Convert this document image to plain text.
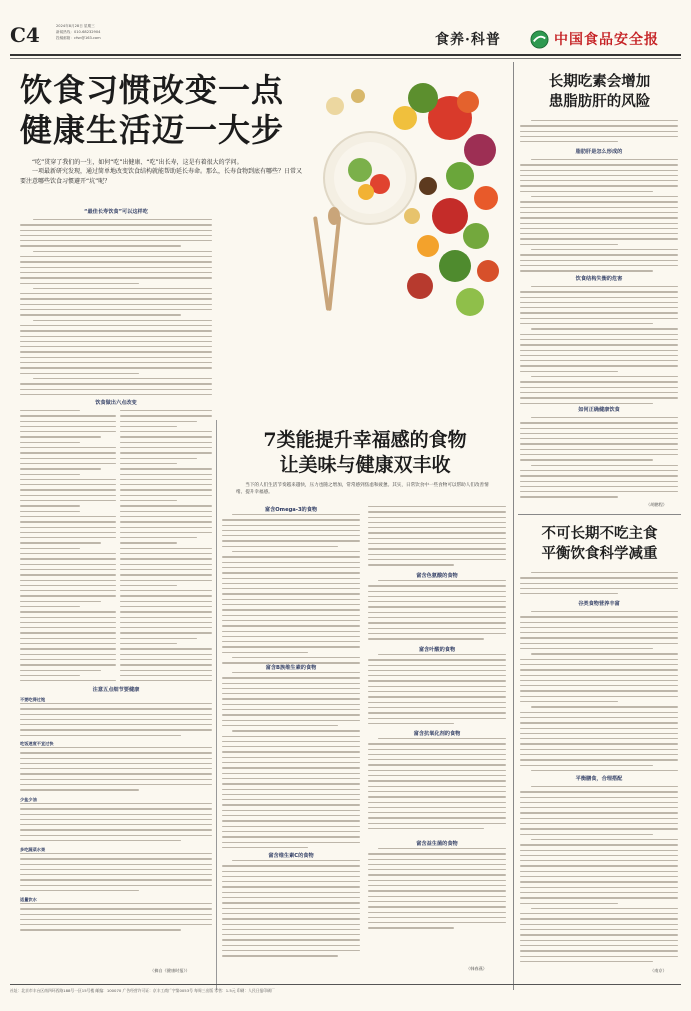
C4	2024年8月28日 星期三
新闻热线：010-68232904
投稿邮箱：cfsn@163.com	食养·科普	中国食品安全报
饮食习惯改变一点
健康生活迈一大步

“吃”贯穿了我们的一生，如何“吃”出健康、“吃”出长寿，这是有着很大的学问。

一项最新研究发现，通过简单地改变饮食结构就能帮助延长寿命。那么，长寿食物到底有哪些？日常又要注意哪些饮食习惯避开“坑”呢？

“最佳长寿饮食”可以这样吃
饮食做出六点改变
注意五点细节要健康
不要吃得过饱
吃饭速度不宜过快
少盐少油
多吃蔬菜水果
适量饮水
（摘自《健康时报》）
7类能提升幸福感的食物
让美味与健康双丰收
当下的人们生活节奏越来越快，压力也随之增加，常常感到焦虑和疲惫。其实，日常饮食中一些食物可以帮助人们改善情绪、提升幸福感。
富含Omega-3的食物
富含B族维生素的食物
富含维生素C的食物
富含色氨酸的食物
富含叶酸的食物
富含抗氧化剂的食物
富含益生菌的食物
（韩春燕）
长期吃素会增加
患脂肪肝的风险
脂肪肝是怎么形成的
饮食结构失衡的危害
如何正确健康饮食
（胡鹏程）
不可长期不吃主食
平衡饮食科学减重
谷类食物营养丰富
平衡膳食，合理搭配
（南京）
社址：北京市丰台区南四环西路188号一区15号楼 邮编：100070 广告经营许可证：京丰工商广字第0053号 每周三出版 零售：1.5元 印刷：人民日报印刷厂
